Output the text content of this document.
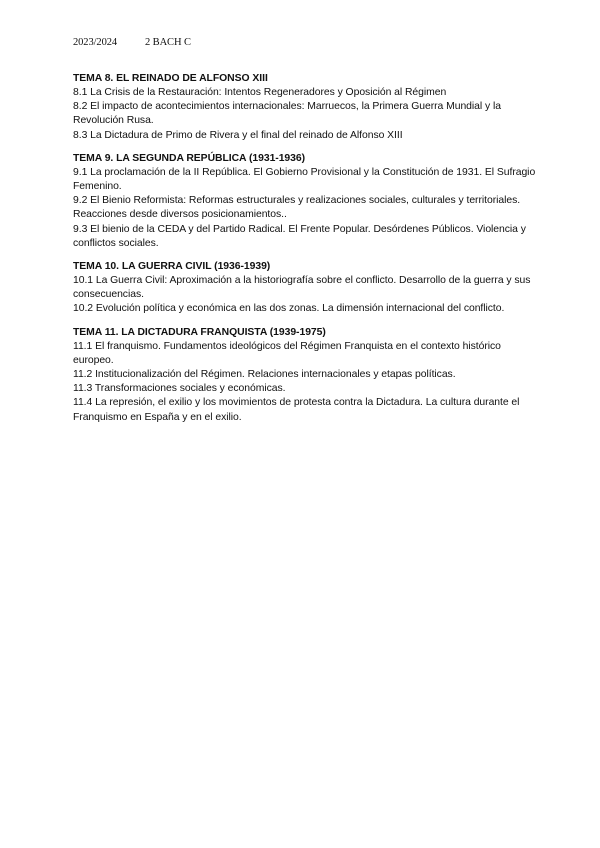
2023/2024	2 BACH C

TEMA 8. EL REINADO DE ALFONSO XIII

8.1 La Crisis de la Restauración: Intentos Regeneradores y Oposición al Régimen

8.2 El impacto de acontecimientos internacionales: Marruecos, la Primera Guerra Mundial y la Revolución Rusa.

8.3 La Dictadura de Primo de Rivera y el final del reinado de Alfonso XIII

TEMA 9. LA SEGUNDA REPÚBLICA (1931-1936)

9.1 La proclamación de la II República. El Gobierno Provisional y la Constitución de 1931. El Sufragio Femenino.

9.2 El Bienio Reformista: Reformas estructurales y realizaciones sociales, culturales y territoriales. Reacciones desde diversos posicionamientos..

9.3 El bienio de la CEDA y del Partido Radical. El Frente Popular. Desórdenes Públicos. Violencia y conflictos sociales.

TEMA 10. LA GUERRA CIVIL (1936-1939)

10.1 La Guerra Civil: Aproximación a la historiografía sobre el conflicto. Desarrollo de la guerra y sus consecuencias.

10.2 Evolución política y económica en las dos zonas. La dimensión internacional del conflicto.

TEMA 11. LA DICTADURA FRANQUISTA (1939-1975)

11.1 El franquismo. Fundamentos ideológicos del Régimen Franquista en el contexto histórico europeo.

11.2 Institucionalización del Régimen. Relaciones internacionales y etapas políticas.

11.3 Transformaciones sociales y económicas.

11.4 La represión, el exilio y los movimientos de protesta contra la Dictadura. La cultura durante el Franquismo en España y en el exilio.
